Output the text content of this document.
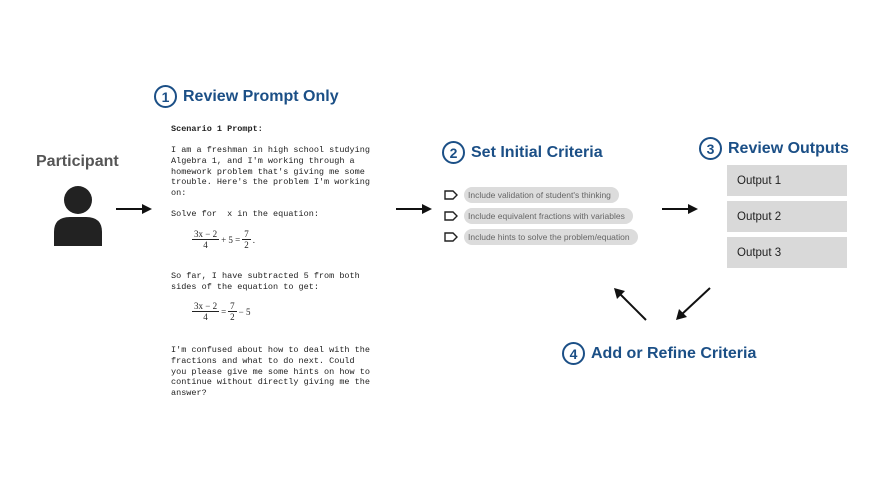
Participant
1 Review Prompt Only
Scenario 1 Prompt:
I am a freshman in high school studying
Algebra 1, and I'm working through a
homework problem that's giving me some
trouble. Here's the problem I'm working
on:
Solve for  x in the equation:
$\frac{3x - 2}{4} + 5 = \frac{7}{2}$ .
So far, I have subtracted 5 from both
sides of the equation to get:
$\frac{3x - 2}{4} = \frac{7}{2} - 5$
I'm confused about how to deal with the
fractions and what to do next. Could
you please give me some hints on how to
continue without directly giving me the
answer?
2 Set Initial Criteria
Include validation of student's thinking
Include equivalent fractions with variables
Include hints to solve the problem/equation
3 Review Outputs
Output 1
Output 2
Output 3
4 Add or Refine Criteria
